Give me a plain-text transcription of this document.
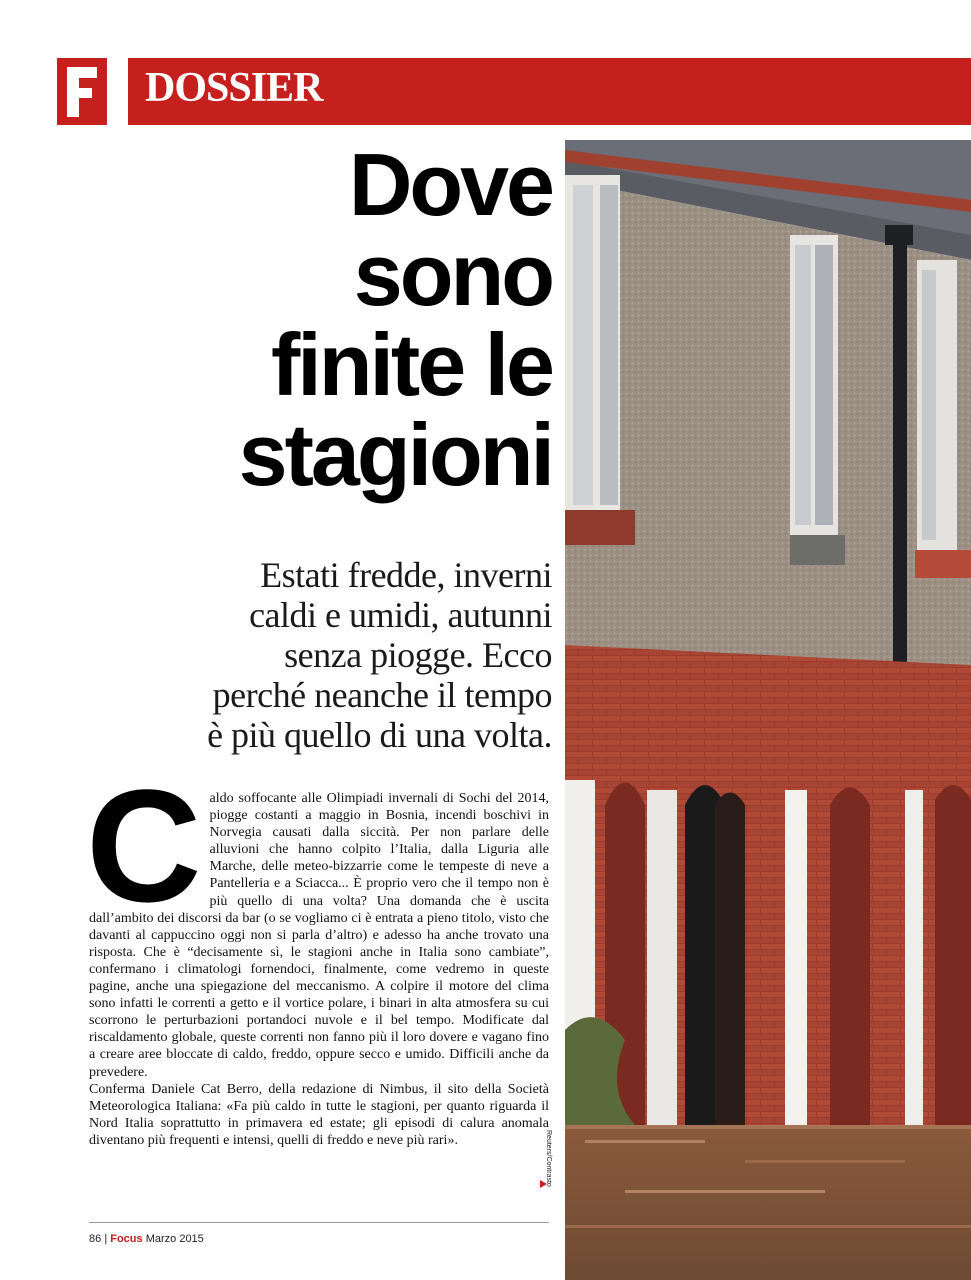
DOSSIER
Reuters/Contrasto
Dove
sono
finite le
stagioni
Estati fredde, inverni
caldi e umidi, autunni
senza piogge. Ecco
perché neanche il tempo
è più quello di una volta.
C aldo soffocante alle Olimpiadi invernali di Sochi del 2014, piogge costanti a maggio in Bosnia, incendi boschivi in Norvegia causati dalla siccità. Per non parlare delle alluvioni che hanno colpito l’Italia, dalla Liguria alle Marche, delle meteo-bizzarrie come le tempeste di neve a Pantelleria e a Sciacca... È proprio vero che il tempo non è più quello di una volta? Una domanda che è uscita dall’ambito dei discorsi da bar (o se vogliamo ci è entrata a pieno titolo, visto che davanti al cappuccino oggi non si parla d’altro) e adesso ha anche trovato una risposta. Che è “decisamente sì, le stagioni anche in Italia sono cambiate”, confermano i climatologi fornendoci, finalmente, come vedremo in queste pagine, anche una spiegazione del meccanismo. A colpire il motore del clima sono infatti le correnti a getto e il vortice polare, i binari in alta atmosfera su cui scorrono le perturbazioni portandoci nuvole e il bel tempo. Modificate dal riscaldamento globale, queste correnti non fanno più il loro dovere e vagano fino a creare aree bloccate di caldo, freddo, oppure secco e umido. Difficili anche da prevedere.

Conferma Daniele Cat Berro, della redazione di Nimbus, il sito della Società Meteorologica Italiana: «Fa più caldo in tutte le stagioni, per quanto riguarda il Nord Italia soprattutto in primavera ed estate; gli episodi di calura anomala diventano più frequenti e intensi, quelli di freddo e neve più rari».

86 | Focus Marzo 2015
